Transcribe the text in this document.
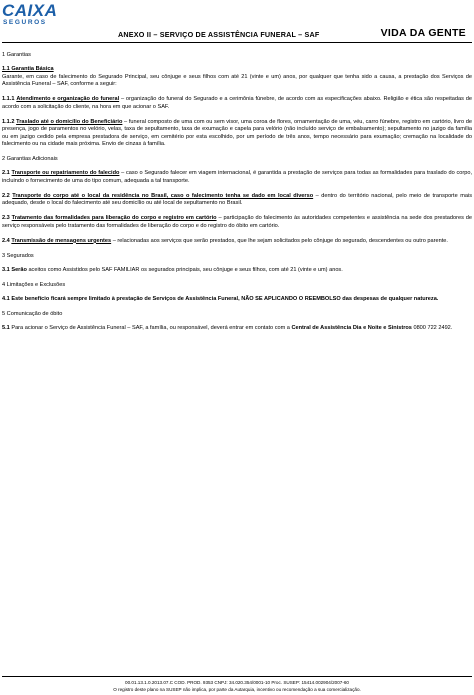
CAIXA
SEGUROS
ANEXO II – SERVIÇO DE ASSISTÊNCIA FUNERAL – SAF	VIDA DA GENTE

1 Garantias

1.1 Garantia Básica

Garante, em caso de falecimento do Segurado Principal, seu cônjuge e seus filhos com até 21 (vinte e um) anos, por qualquer que tenha sido a causa, a prestação dos Serviços de Assistência Funeral – SAF, conforme a seguir:

1.1.1 Atendimento e organização do funeral – organização do funeral do Segurado e a cerimônia fúnebre, de acordo com as especificações abaixo. Religião e ética são respeitadas de acordo com a solicitação do cliente, na hora em que acionar o SAF.

1.1.2 Traslado até o domicílio do Beneficiário – funeral composto de uma com ou sem visor, uma coroa de flores, ornamentação de uma, véu, carro fúnebre, registro em cartório, livro de presença, jogo de paramentos no velório, velas, taxa de sepultamento, taxa de exumação e capela para velório (não incluído serviço de embalsamento); sepultamento no jazigo da família ou em jazigo cedido pela empresa prestadora de serviço, em cemitério por esta escolhido, por um período de três anos, tempo necessário para exumação; cremação na localidade do falecimento ou na cidade mais próxima. Envio de cinzas à família.

2 Garantias Adicionais

2.1 Transporte ou repatriamento do falecido – caso o Segurado falecer em viagem internacional, é garantida a prestação de serviços para todas as formalidades para traslado do corpo, incluindo o fornecimento de uma do tipo comum, adequada a tal transporte.

2.2 Transporte do corpo até o local da residência no Brasil, caso o falecimento tenha se dado em local diverso – dentro do território nacional, pelo meio de transporte mais adequado, desde o local do falecimento até seu domicílio ou até local de sepultamento no Brasil.

2.3 Tratamento das formalidades para liberação do corpo e registro em cartório – participação do falecimento às autoridades competentes e assistência na sede dos prestadores de serviço responsáveis pelo tratamento das formalidades de liberação do corpo e do registro do óbito em cartório.

2.4 Transmissão de mensagens urgentes – relacionadas aos serviços que serão prestados, que lhe sejam solicitados pelo cônjuge do segurado, descendentes ou outro parente.

3 Segurados

3.1 Serão aceitos como Assistidos pelo SAF FAMILIAR os segurados principais, seu cônjuge e seus filhos, com até 21 (vinte e um) anos.

4 Limitações e Exclusões

4.1 Este benefício ficará sempre limitado à prestação de Serviços de Assistência Funeral, NÃO SE APLICANDO O REEMBOLSO das despesas de qualquer natureza.

5 Comunicação de óbito

5.1 Para acionar o Serviço de Assistência Funeral – SAF, a família, ou responsável, deverá entrar em contato com a Central de Assistência Dia e Noite e Sinistros 0800 722 2492.

00.01.13.1.0.2013.07.C COD. PROD. 9353 CNPJ: 34.020.354/0001-10 Proc. SUSEP: 15414.002904/2007-60
O registro deste plano na SUSEP não implica, por parte da Autarquia, incentivo ou recomendação a sua comercialização.
